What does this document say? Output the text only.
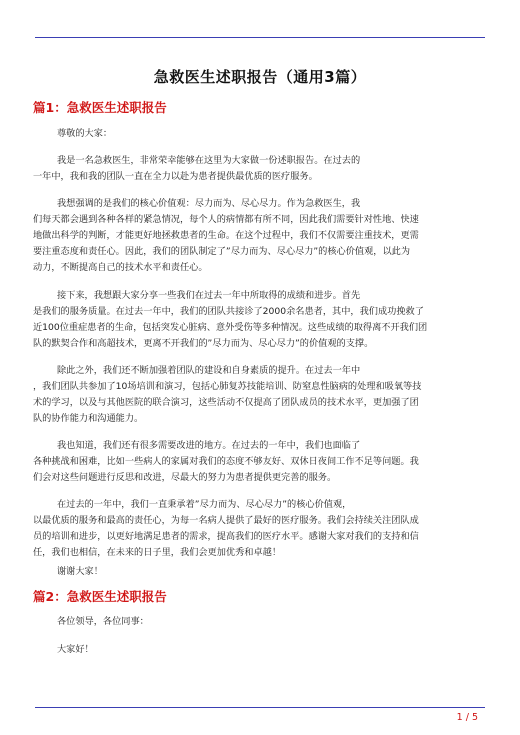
急救医生述职报告（通用3篇）
篇1：急救医生述职报告
尊敬的大家：
我是一名急救医生，非常荣幸能够在这里为大家做一份述职报告。在过去的
一年中，我和我的团队一直在全力以赴为患者提供最优质的医疗服务。
我想强调的是我们的核心价值观：尽力而为、尽心尽力。作为急救医生，我
们每天都会遇到各种各样的紧急情况，每个人的病情都有所不同，因此我们需要针对性地、快速
地做出科学的判断，才能更好地拯救患者的生命。在这个过程中，我们不仅需要注重技术，更需
要注重态度和责任心。因此，我们的团队制定了”尽力而为、尽心尽力”的核心价值观，以此为
动力，不断提高自己的技术水平和责任心。
接下来，我想跟大家分享一些我们在过去一年中所取得的成绩和进步。首先
是我们的服务质量。在过去一年中，我们的团队共接诊了2000余名患者，其中，我们成功挽救了
近100位重症患者的生命，包括突发心脏病、意外受伤等多种情况。这些成绩的取得离不开我们团
队的默契合作和高超技术，更离不开我们的”尽力而为、尽心尽力”的价值观的支撑。
除此之外，我们还不断加强着团队的建设和自身素质的提升。在过去一年中
，我们团队共参加了10场培训和演习，包括心肺复苏技能培训、防窒息性脑病的处理和吸氧等技
术的学习，以及与其他医院的联合演习，这些活动不仅提高了团队成员的技术水平，更加强了团
队的协作能力和沟通能力。
我也知道，我们还有很多需要改进的地方。在过去的一年中，我们也面临了
各种挑战和困难，比如一些病人的家属对我们的态度不够友好、双休日夜间工作不足等问题。我
们会对这些问题进行反思和改进，尽最大的努力为患者提供更完善的服务。
在过去的一年中，我们一直秉承着”尽力而为、尽心尽力”的核心价值观，
以最优质的服务和最高的责任心，为每一名病人提供了最好的医疗服务。我们会持续关注团队成
员的培训和进步，以更好地满足患者的需求，提高我们的医疗水平。感谢大家对我们的支持和信
任，我们也相信，在未来的日子里，我们会更加优秀和卓越！
谢谢大家！
篇2：急救医生述职报告
各位领导，各位同事：
大家好！
1 / 5
